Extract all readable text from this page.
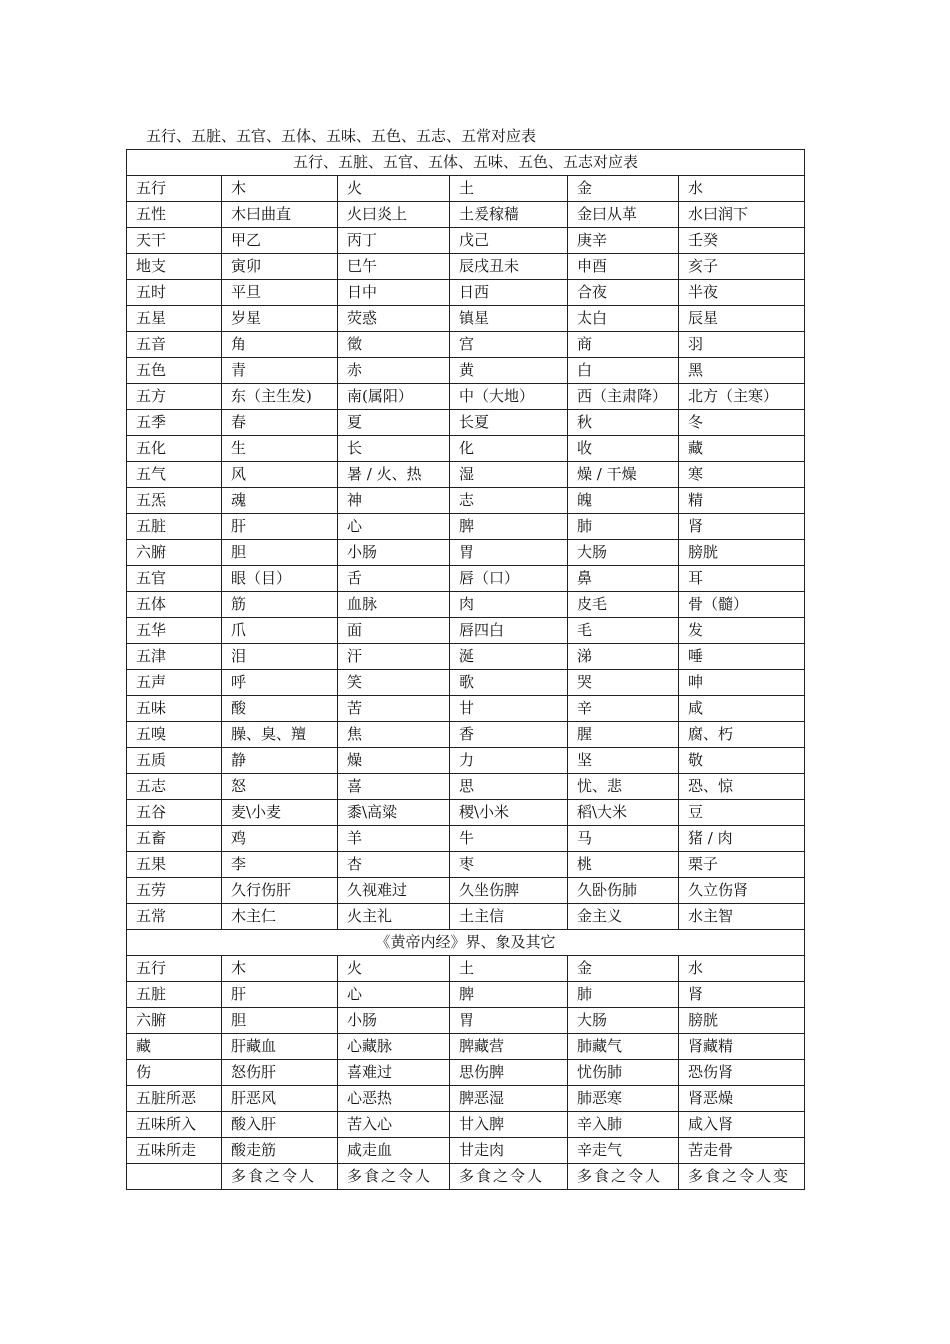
五行、五脏、五官、五体、五味、五色、五志、五常对应表
五行、五脏、五官、五体、五味、五色、五志对应表					
五行	木	火	土	金	水
五性	木曰曲直	火曰炎上	土爰稼穑	金曰从革	水曰润下
天干	甲乙	丙丁	戊己	庚辛	壬癸
地支	寅卯	巳午	辰戌丑未	申酉	亥子
五时	平旦	日中	日西	合夜	半夜
五星	岁星	荧惑	镇星	太白	辰星
五音	角	徵	宫	商	羽
五色	青	赤	黄	白	黑
五方	东（主生发)	南(属阳）	中（大地）	西（主肃降）	北方（主寒）
五季	春	夏	长夏	秋	冬
五化	生	长	化	收	藏
五气	风	暑 / 火、热	湿	燥 / 干燥	寒
五炁	魂	神	志	魄	精
五脏	肝	心	脾	肺	肾
六腑	胆	小肠	胃	大肠	膀胱
五官	眼（目）	舌	唇（口）	鼻	耳
五体	筋	血脉	肉	皮毛	骨（髓）
五华	爪	面	唇四白	毛	发
五津	泪	汗	涎	涕	唾
五声	呼	笑	歌	哭	呻
五味	酸	苦	甘	辛	咸
五嗅	臊、臭、羶	焦	香	腥	腐、朽
五质	静	燥	力	坚	敬
五志	怒	喜	思	忧、悲	恐、惊
五谷	麦\小麦	黍\高粱	稷\小米	稻\大米	豆
五畜	鸡	羊	牛	马	猪 / 肉
五果	李	杏	枣	桃	栗子
五劳	久行伤肝	久视难过	久坐伤脾	久卧伤肺	久立伤肾
五常	木主仁	火主礼	土主信	金主义	水主智
《黄帝内经》界、象及其它					
五行	木	火	土	金	水
五脏	肝	心	脾	肺	肾
六腑	胆	小肠	胃	大肠	膀胱
藏	肝藏血	心藏脉	脾藏营	肺藏气	肾藏精
伤	怒伤肝	喜难过	思伤脾	忧伤肺	恐伤肾
五脏所恶	肝恶风	心恶热	脾恶湿	肺恶寒	肾恶燥
五味所入	酸入肝	苦入心	甘入脾	辛入肺	咸入肾
五味所走	酸走筋	咸走血	甘走肉	辛走气	苦走骨
	多食之令人	多食之令人	多食之令人	多食之令人	多食之令人变
